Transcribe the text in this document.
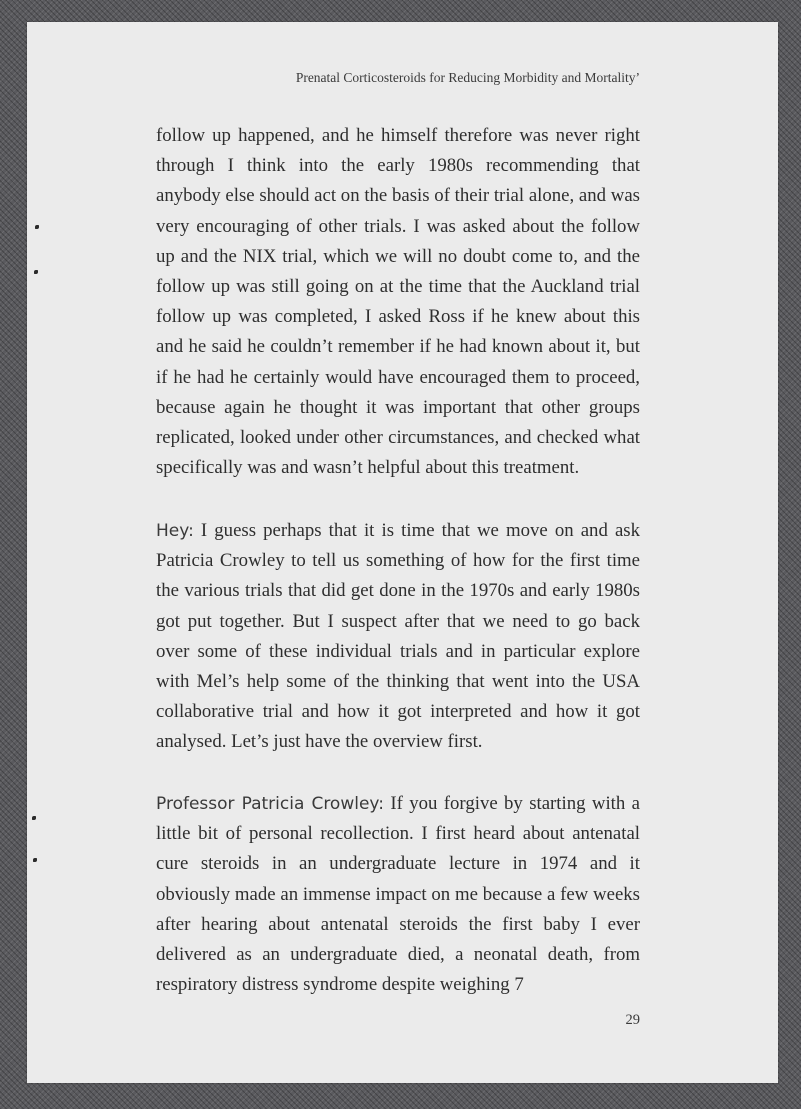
Prenatal Corticosteroids for Reducing Morbidity and Mortality’

follow up happened, and he himself therefore was never right through I think into the early 1980s recommending that anybody else should act on the basis of their trial alone, and was very encouraging of other trials. I was asked about the follow up and the NIX trial, which we will no doubt come to, and the follow up was still going on at the time that the Auckland trial follow up was completed, I asked Ross if he knew about this and he said he couldn’t remember if he had known about it, but if he had he certainly would have encouraged them to proceed, because again he thought it was important that other groups replicated, looked under other circumstances, and checked what specifically was and wasn’t helpful about this treatment.

Hey: I guess perhaps that it is time that we move on and ask Patricia Crowley to tell us something of how for the first time the various trials that did get done in the 1970s and early 1980s got put together. But I suspect after that we need to go back over some of these individual trials and in particular explore with Mel’s help some of the thinking that went into the USA collaborative trial and how it got interpreted and how it got analysed. Let’s just have the overview first.

Professor Patricia Crowley: If you forgive by starting with a little bit of personal recollection. I first heard about antenatal cure steroids in an undergraduate lecture in 1974 and it obviously made an immense impact on me because a few weeks after hearing about antenatal steroids the first baby I ever delivered as an undergraduate died, a neonatal death, from respiratory distress syndrome despite weighing 7

29
